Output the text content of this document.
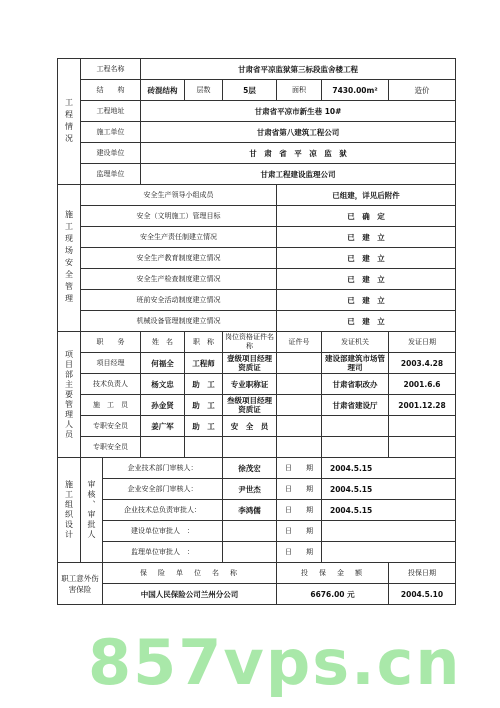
工程情况	工程名称		甘肃省平凉监狱第三标段监舍楼工程						
	结　　构		砖混结构	层数	5层	面积	7430.00m²	造价	
	工程地址		甘肃省平凉市新生巷 10#						
	施工单位		甘肃省第八建筑工程公司						
	建设单位		甘　肃　省　平　凉　监　狱						
	监理单位		甘肃工程建设监理公司						
施工现场安全管理	安全生产领导小组成员					已组建，详见后附件			
	安全（文明施工）管理目标					已　确　定			
	安全生产责任制建立情况					已　建　立			
	安全生产教育制度建立情况					已　建　立			
	安全生产检查制度建立情况					已　建　立			
	班前安全活动制度建立情况					已　建　立			
	机械设备管理制度建立情况					已　建　立			
项目部主要管理人员	职　　务		姓　名	职　称	岗位资格证件名称	证件号	发证机关	发证日期	
	项目经理		何福全	工程师	壹级项目经理资质证		建设部建筑市场管理司	2003.4.28	
	技术负责人		杨文忠	助　工	专业职称证		甘肃省职改办	2001.6.6	
	施　工　员		孙金贤	助　工	叁级项目经理资质证		甘肃省建设厅	2001.12.28	
	专职安全员		姜广军	助　工	安　全　员				
	专职安全员								
施工组织设计	审核、审批人	企业技术部门审核人：			徐茂宏	日　　期	2004.5.15		
		企业安全部门审核人：			尹世杰	日　　期	2004.5.15		
		企业技术总负责审批人：			李鸿儒	日　　期	2004.5.15		
		建设单位审批人　：				日　　期			
		监理单位审批人　：				日　　期			
职工意外伤害保险		保　险　单　位　名　称				投　保　金　额		投保日期	
		中国人民保险公司兰州分公司				6676.00 元		2004.5.10	
857vps.cn
